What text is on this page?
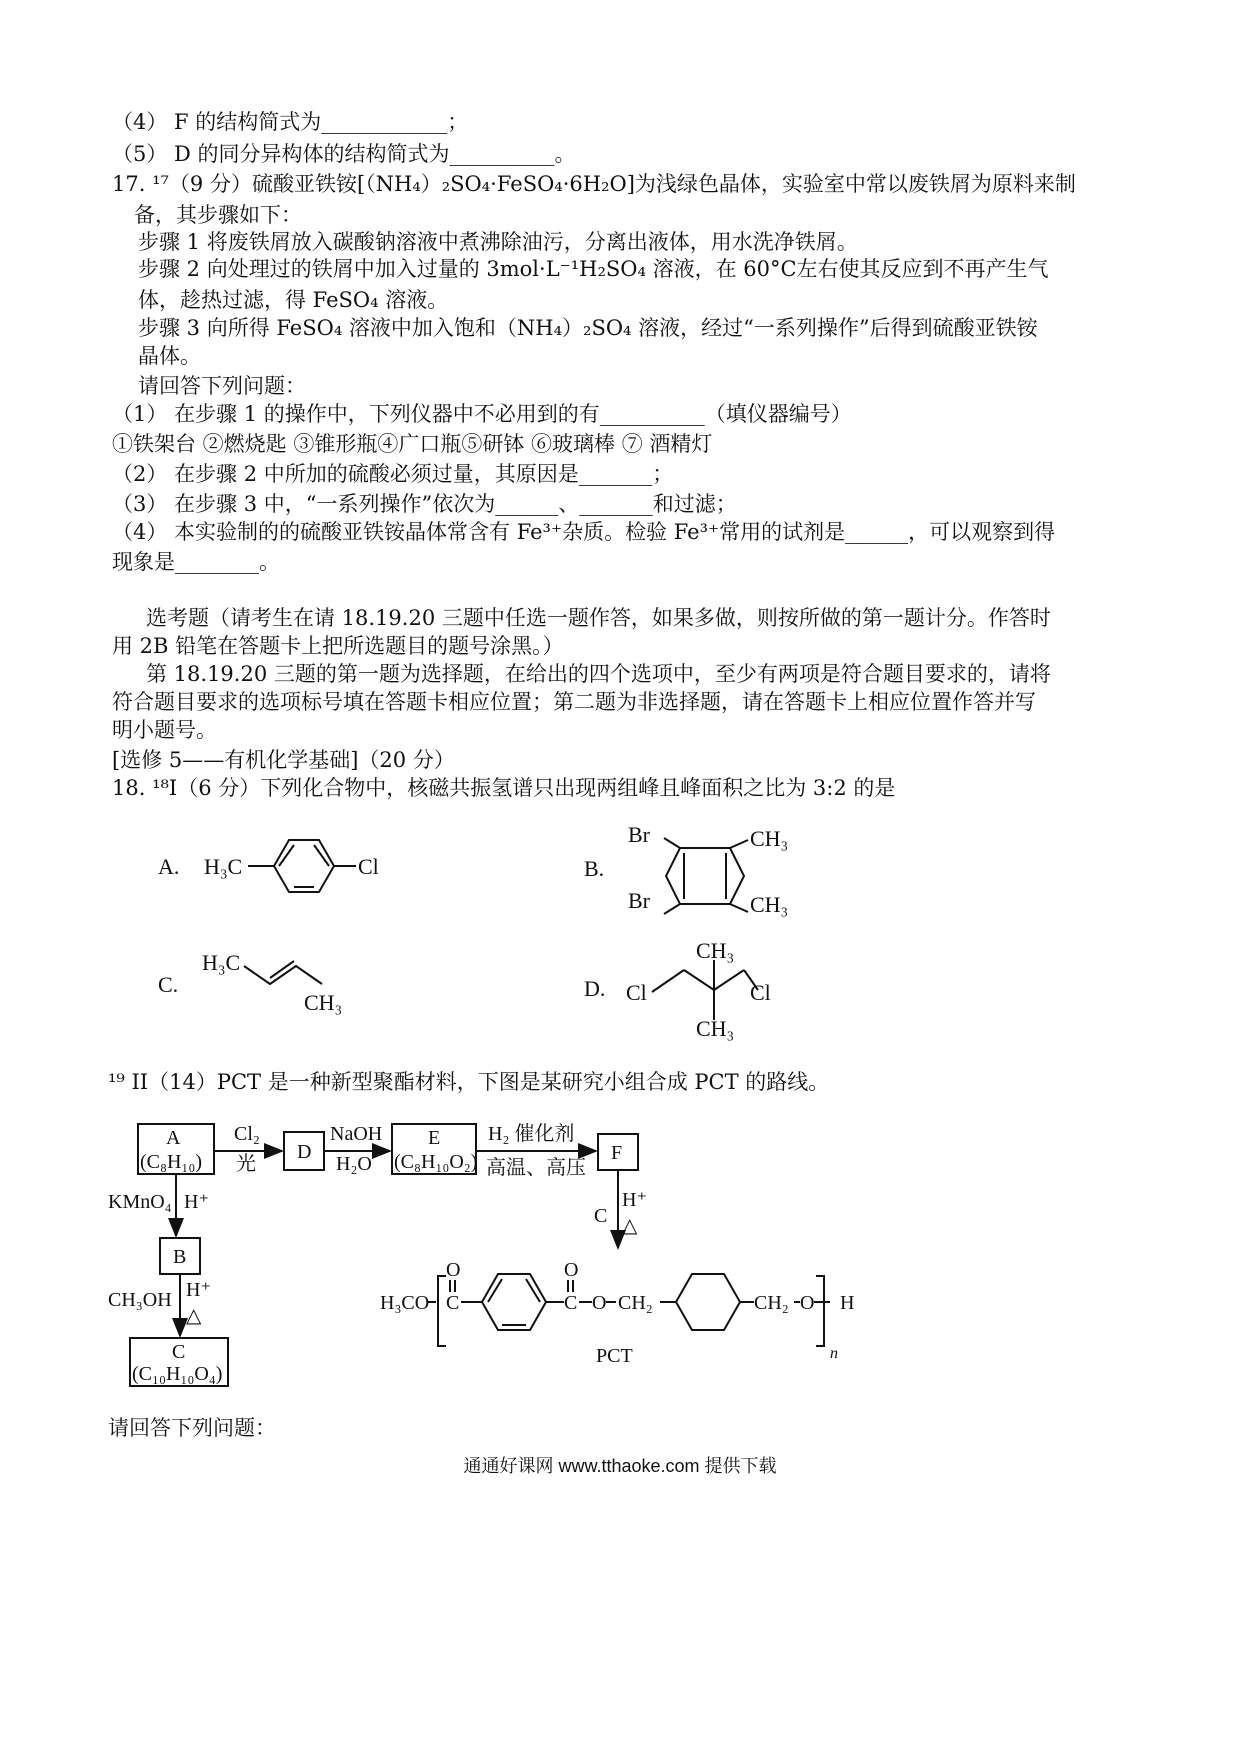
（4） F 的结构简式为____________；
（5） D 的同分异构体的结构简式为__________。
17. ¹⁷（9 分）硫酸亚铁铵[（NH₄）₂SO₄·FeSO₄·6H₂O]为浅绿色晶体，实验室中常以废铁屑为原料来制
备，其步骤如下：
步骤 1 将废铁屑放入碳酸钠溶液中煮沸除油污，分离出液体，用水洗净铁屑。
步骤 2 向处理过的铁屑中加入过量的 3mol·L⁻¹H₂SO₄ 溶液，在 60°C左右使其反应到不再产生气
体，趁热过滤，得 FeSO₄ 溶液。
步骤 3 向所得 FeSO₄ 溶液中加入饱和（NH₄）₂SO₄ 溶液，经过“一系列操作”后得到硫酸亚铁铵
晶体。
请回答下列问题：
（1） 在步骤 1 的操作中，下列仪器中不必用到的有__________（填仪器编号）
①铁架台 ②燃烧匙 ③锥形瓶④广口瓶⑤研钵 ⑥玻璃棒 ⑦ 酒精灯
（2） 在步骤 2 中所加的硫酸必须过量，其原因是_______；
（3） 在步骤 3 中，“一系列操作”依次为______、_______和过滤；
（4） 本实验制的的硫酸亚铁铵晶体常含有 Fe³⁺杂质。检验 Fe³⁺常用的试剂是______，可以观察到得
现象是________。
选考题（请考生在请 18.19.20 三题中任选一题作答，如果多做，则按所做的第一题计分。作答时
用 2B 铅笔在答题卡上把所选题目的题号涂黑。）
第 18.19.20 三题的第一题为选择题，在给出的四个选项中，至少有两项是符合题目要求的，请将
符合题目要求的选项标号填在答题卡相应位置；第二题为非选择题，请在答题卡上相应位置作答并写
明小题号。
[选修 5——有机化学基础]（20 分）
18. ¹⁸I（6 分）下列化合物中，核磁共振氢谱只出现两组峰且峰面积之比为 3:2 的是
A. H₃C	Cl	B.
Br
Br
CH₃
CH₃
C.
H₃C
CH₃
D.
CH₃
CH₃
Cl	Cl
¹⁹ II（14）PCT 是一种新型聚酯材料，下图是某研究小组合成 PCT 的路线。
A
(C₈H₁₀)
Cl₂
光
D
NaOH
H₂O
E
(C₈H₁₀O₂)
H₂ 催化剂
高温、高压
F
KMnO₄ H⁺
B
CH₃OH H⁺
△
C
(C₁₀H₁₀O₄)
H⁺
C △
H₃CO C
O
C
O
O CH₂	CH₂ O H
n
PCT
请回答下列问题：
通通好课网 www.tthaoke.com 提供下载
